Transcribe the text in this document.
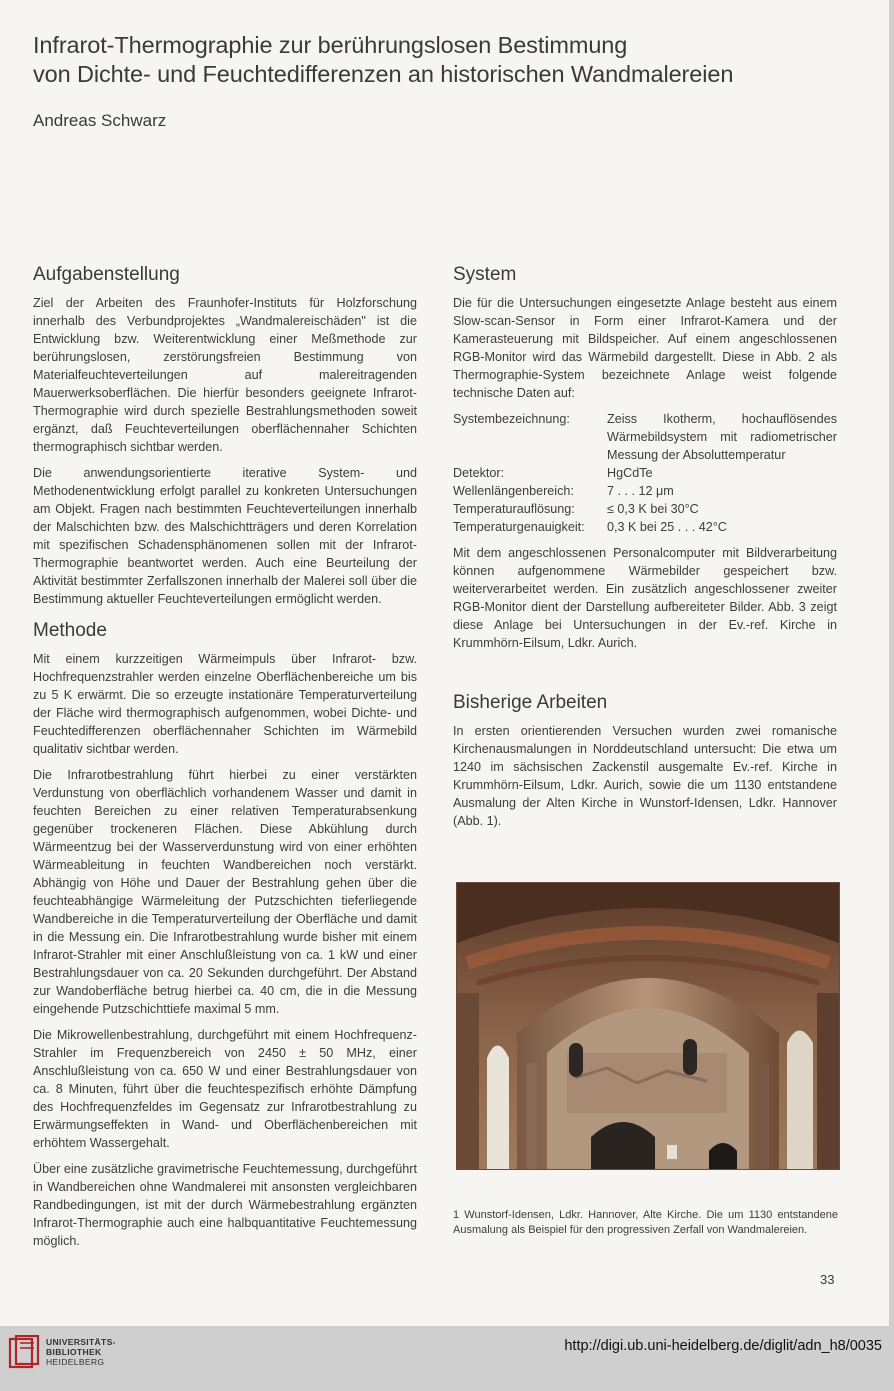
Infrarot-Thermographie zur berührungslosen Bestimmung
von Dichte- und Feuchtedifferenzen an historischen Wandmalereien

Andreas Schwarz

Aufgabenstellung

Ziel der Arbeiten des Fraunhofer-Instituts für Holzforschung innerhalb des Verbundprojektes „Wandmalereischäden" ist die Entwicklung bzw. Weiterentwicklung einer Meßmethode zur berührungslosen, zerstörungsfreien Bestimmung von Materialfeuchteverteilungen auf malereitragenden Mauerwerksoberflächen. Die hierfür besonders geeignete Infrarot-Thermographie wird durch spezielle Bestrahlungsmethoden soweit ergänzt, daß Feuchteverteilungen oberflächennaher Schichten thermographisch sichtbar werden.

Die anwendungsorientierte iterative System- und Methodenentwicklung erfolgt parallel zu konkreten Untersuchungen am Objekt. Fragen nach bestimmten Feuchteverteilungen innerhalb der Malschichten bzw. des Malschichtträgers und deren Korrelation mit spezifischen Schadensphänomenen sollen mit der Infrarot-Thermographie beantwortet werden. Auch eine Beurteilung der Aktivität bestimmter Zerfallszonen innerhalb der Malerei soll über die Bestimmung aktueller Feuchteverteilungen ermöglicht werden.

Methode

Mit einem kurzzeitigen Wärmeimpuls über Infrarot- bzw. Hochfrequenzstrahler werden einzelne Oberflächenbereiche um bis zu 5 K erwärmt. Die so erzeugte instationäre Temperaturverteilung der Fläche wird thermographisch aufgenommen, wobei Dichte- und Feuchtedifferenzen oberflächennaher Schichten im Wärmebild qualitativ sichtbar werden.

Die Infrarotbestrahlung führt hierbei zu einer verstärkten Verdunstung von oberflächlich vorhandenem Wasser und damit in feuchten Bereichen zu einer relativen Temperaturabsenkung gegenüber trockeneren Flächen. Diese Abkühlung durch Wärmeentzug bei der Wasserverdunstung wird von einer erhöhten Wärmeableitung in feuchten Wandbereichen noch verstärkt. Abhängig von Höhe und Dauer der Bestrahlung gehen über die feuchteabhängige Wärmeleitung der Putzschichten tieferliegende Wandbereiche in die Temperaturverteilung der Oberfläche und damit in die Messung ein. Die Infrarotbestrahlung wurde bisher mit einem Infrarot-Strahler mit einer Anschlußleistung von ca. 1 kW und einer Bestrahlungsdauer von ca. 20 Sekunden durchgeführt. Der Abstand zur Wandoberfläche betrug hierbei ca. 40 cm, die in die Messung eingehende Putzschichttiefe maximal 5 mm.

Die Mikrowellenbestrahlung, durchgeführt mit einem Hochfrequenz-Strahler im Frequenzbereich von 2450 ± 50 MHz, einer Anschlußleistung von ca. 650 W und einer Bestrahlungsdauer von ca. 8 Minuten, führt über die feuchtespezifisch erhöhte Dämpfung des Hochfrequenzfeldes im Gegensatz zur Infrarotbestrahlung zu Erwärmungseffekten in Wand- und Oberflächenbereichen mit erhöhtem Wassergehalt.

Über eine zusätzliche gravimetrische Feuchtemessung, durchgeführt in Wandbereichen ohne Wandmalerei mit ansonsten vergleichbaren Randbedingungen, ist mit der durch Wärmebestrahlung ergänzten Infrarot-Thermographie auch eine halbquantitative Feuchtemessung möglich.

System

Die für die Untersuchungen eingesetzte Anlage besteht aus einem Slow-scan-Sensor in Form einer Infrarot-Kamera und der Kamerasteuerung mit Bildspeicher. Auf einem angeschlossenen RGB-Monitor wird das Wärmebild dargestellt. Diese in Abb. 2 als Thermographie-System bezeichnete Anlage weist folgende technische Daten auf:

Systembezeichnung:	Zeiss Ikotherm, hochauflösendes Wärmebildsystem mit radiometrischer Messung der Absoluttemperatur
Detektor:	HgCdTe
Wellenlängenbereich:	7 . . . 12 μm
Temperaturauflösung:	≤ 0,3 K bei 30°C
Temperaturgenauigkeit:	0,3 K bei 25 . . . 42°C

Mit dem angeschlossenen Personalcomputer mit Bildverarbeitung können aufgenommene Wärmebilder gespeichert bzw. weiterverarbeitet werden. Ein zusätzlich angeschlossener zweiter RGB-Monitor dient der Darstellung aufbereiteter Bilder. Abb. 3 zeigt diese Anlage bei Untersuchungen in der Ev.-ref. Kirche in Krummhörn-Eilsum, Ldkr. Aurich.

Bisherige Arbeiten

In ersten orientierenden Versuchen wurden zwei romanische Kirchenausmalungen in Norddeutschland untersucht: Die etwa um 1240 im sächsischen Zackenstil ausgemalte Ev.-ref. Kirche in Krummhörn-Eilsum, Ldkr. Aurich, sowie die um 1130 entstandene Ausmalung der Alten Kirche in Wunstorf-Idensen, Ldkr. Hannover (Abb. 1).

1 Wunstorf-Idensen, Ldkr. Hannover, Alte Kirche. Die um 1130 entstandene Ausmalung als Beispiel für den progressiven Zerfall von Wandmalereien.

33
UNIVERSITÄTS-
BIBLIOTHEK
HEIDELBERG
http://digi.ub.uni-heidelberg.de/diglit/adn_h8/0035
